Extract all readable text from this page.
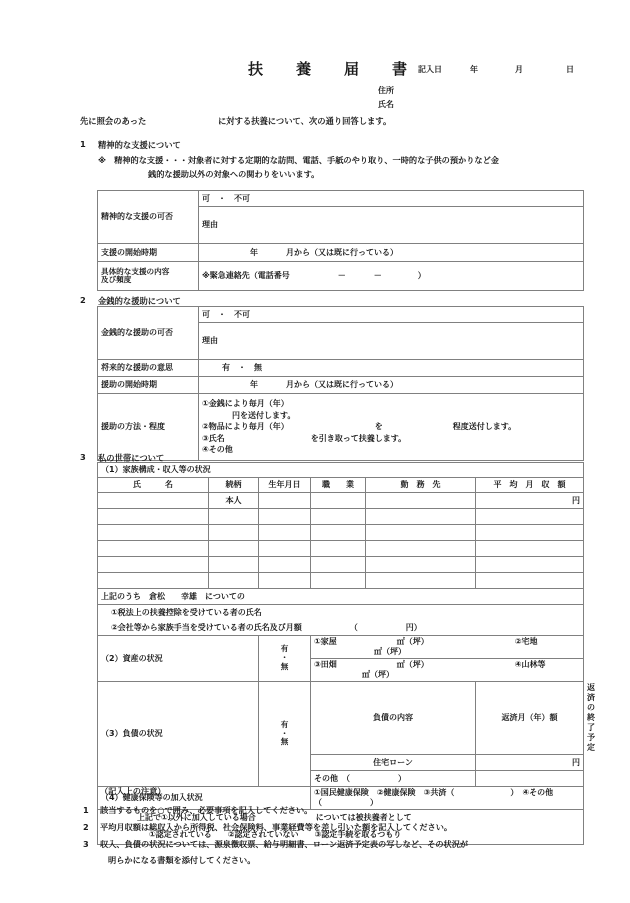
扶　養　届　書 記入日	年	月	日
住所
氏名
先に照会のあった	に対する扶養について、次の通り回答します。
1 精神的な支援について
※　精神的な支援・・・対象者に対する定期的な訪問、電話、手紙のやり取り、一時的な子供の預かりなど金
銭的な援助以外の対象への関わりをいいます。
精神的な支援の可否	可　・　不可
	理由
支援の開始時期	年 月から（又は既に行っている）

具体的な支援の内容
及び頻度	※緊急連絡先（電話番号 － － ）
2 金銭的な援助について
金銭的な援助の可否	可　・　不可
	理由
将来的な援助の意思	有　・　無
援助の開始時期	年 月から（又は既に行っている）
援助の方法・程度	①金銭により毎月（年）
円を送付します。
②物品により毎月（年） を 程度送付します。
③氏名 を引き取って扶養します。
④その他
3 私の世帯について
（1）家族構成・収入等の状況						
氏　　　名	続柄	生年月日	職　　業	勤　務　先	平　均　月　収　額	
	本人				円	

上記のうち　倉松　　幸雄　についての						
①税法上の扶養控除を受けている者の氏名						
②会社等から家族手当を受けている者の氏名及び月額 （ 円）						
（2）資産の状況		有
・
無	①家屋 ㎡（坪） ②宅地㎡（坪）			
			③田畑 ㎡（坪） ④山林等㎡（坪）			
（3）負債の状況		有
・
無	負債の内容		返済月（年）額	返済の終了予定
			住宅ローン		円	
			その他　（　　　　　　）			
（4）健康保険等の加入状況			①国民健康保険　②健康保険　③共済（　　　　　　　）　④その他（　　　　　　）			
上記で①以外に加入している場合 については被扶養者として						
①認定されている　　②認定されていない　　③認定手続を取るつもり						
（記入上の注意）
1 該当するものを○で囲み、必要事項を記入してください。
2 平均月収額は総収入から所得税、社会保険料、事業経費等を差し引いた額を記入してください。
3 収入、負債の状況については、源泉徴収票、給与明細書、ローン返済予定表の写しなど、その状況が
明らかになる書類を添付してください。
